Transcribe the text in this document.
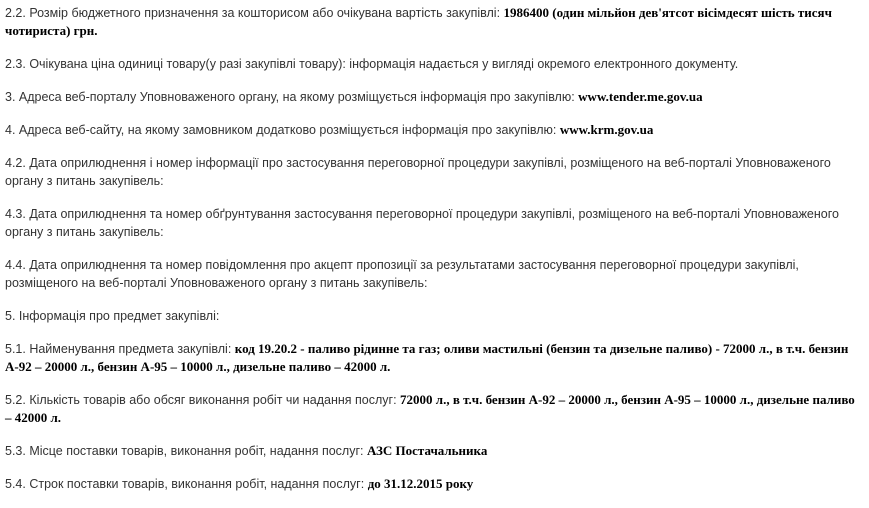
2.2. Розмір бюджетного призначення за кошторисом або очікувана вартість закупівлі: 1986400 (один мільйон дев'ятсот вісімдесят шість тисяч чотириста) грн.

2.3. Очікувана ціна одиниці товару(у разі закупівлі товару): інформація надається у вигляді окремого електронного документу.

3. Адреса веб-порталу Уповноваженого органу, на якому розміщується інформація про закупівлю: www.tender.me.gov.ua

4. Адреса веб-сайту, на якому замовником додатково розміщується інформація про закупівлю: www.krm.gov.ua

4.2. Дата оприлюднення і номер інформації про застосування переговорної процедури закупівлі, розміщеного на веб-порталі Уповноваженого органу з питань закупівель:

4.3. Дата оприлюднення та номер обґрунтування застосування переговорної процедури закупівлі, розміщеного на веб-порталі Уповноваженого органу з питань закупівель:

4.4. Дата оприлюднення та номер повідомлення про акцепт пропозиції за результатами застосування переговорної процедури закупівлі, розміщеного на веб-порталі Уповноваженого органу з питань закупівель:

5. Інформація про предмет закупівлі:

5.1. Найменування предмета закупівлі: код 19.20.2 - паливо рідинне та газ; оливи мастильні (бензин та дизельне паливо) - 72000 л., в т.ч. бензин А-92 – 20000 л., бензин А-95 – 10000 л., дизельне паливо – 42000 л.

5.2. Кількість товарів або обсяг виконання робіт чи надання послуг: 72000 л., в т.ч. бензин А-92 – 20000 л., бензин А-95 – 10000 л., дизельне паливо – 42000 л.

5.3. Місце поставки товарів, виконання робіт, надання послуг: АЗС Постачальника

5.4. Строк поставки товарів, виконання робіт, надання послуг: до 31.12.2015 року
